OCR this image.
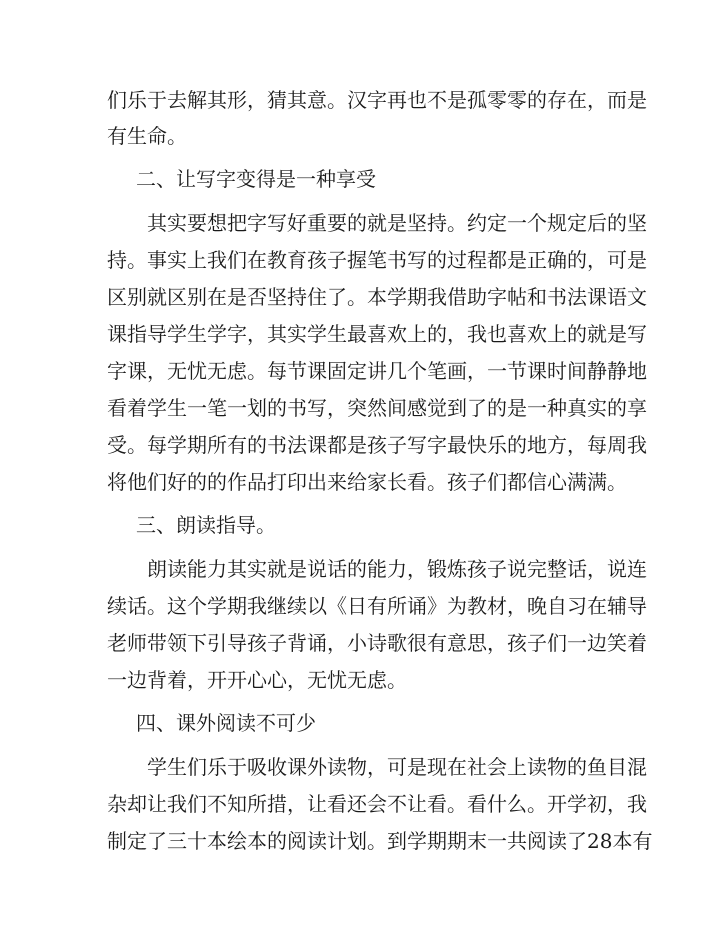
们乐于去解其形，猜其意。汉字再也不是孤零零的存在，而是
有生命。
二、让写字变得是一种享受
其实要想把字写好重要的就是坚持。约定一个规定后的坚
持。事实上我们在教育孩子握笔书写的过程都是正确的，可是
区别就区别在是否坚持住了。本学期我借助字帖和书法课语文
课指导学生学字，其实学生最喜欢上的，我也喜欢上的就是写
字课，无忧无虑。每节课固定讲几个笔画，一节课时间静静地
看着学生一笔一划的书写，突然间感觉到了的是一种真实的享
受。每学期所有的书法课都是孩子写字最快乐的地方，每周我
将他们好的的作品打印出来给家长看。孩子们都信心满满。
三、朗读指导。
朗读能力其实就是说话的能力，锻炼孩子说完整话，说连
续话。这个学期我继续以《日有所诵》为教材，晚自习在辅导
老师带领下引导孩子背诵，小诗歌很有意思，孩子们一边笑着
一边背着，开开心心，无忧无虑。
四、课外阅读不可少
学生们乐于吸收课外读物，可是现在社会上读物的鱼目混
杂却让我们不知所措，让看还会不让看。看什么。开学初，我
制定了三十本绘本的阅读计划。到学期期末一共阅读了28本有
